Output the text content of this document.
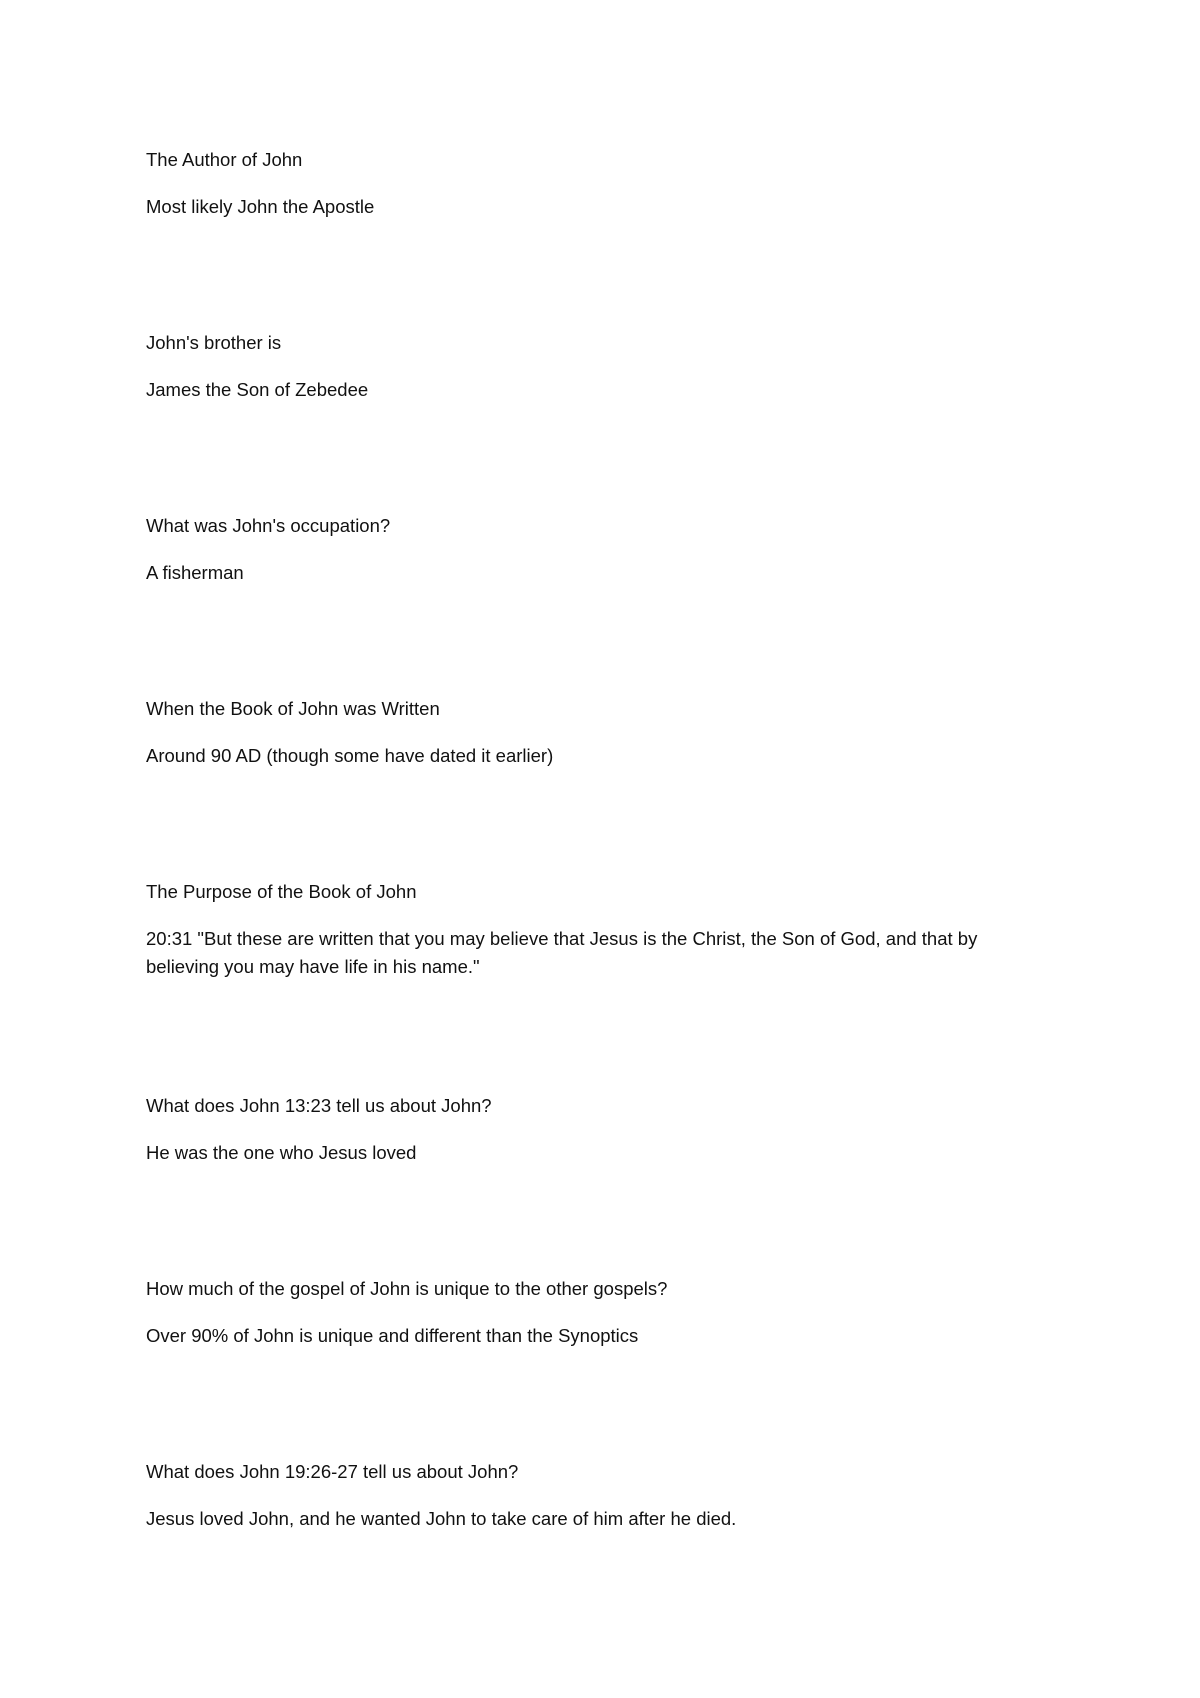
The Author of John

Most likely John the Apostle

John's brother is

James the Son of Zebedee

What was John's occupation?

A fisherman

When the Book of John was Written

Around 90 AD (though some have dated it earlier)

The Purpose of the Book of John

20:31 "But these are written that you may believe that Jesus is the Christ, the Son of God, and that by believing you may have life in his name."

What does John 13:23 tell us about John?

He was the one who Jesus loved

How much of the gospel of John is unique to the other gospels?

Over 90% of John is unique and different than the Synoptics

What does John 19:26-27 tell us about John?

Jesus loved John, and he wanted John to take care of him after he died.
